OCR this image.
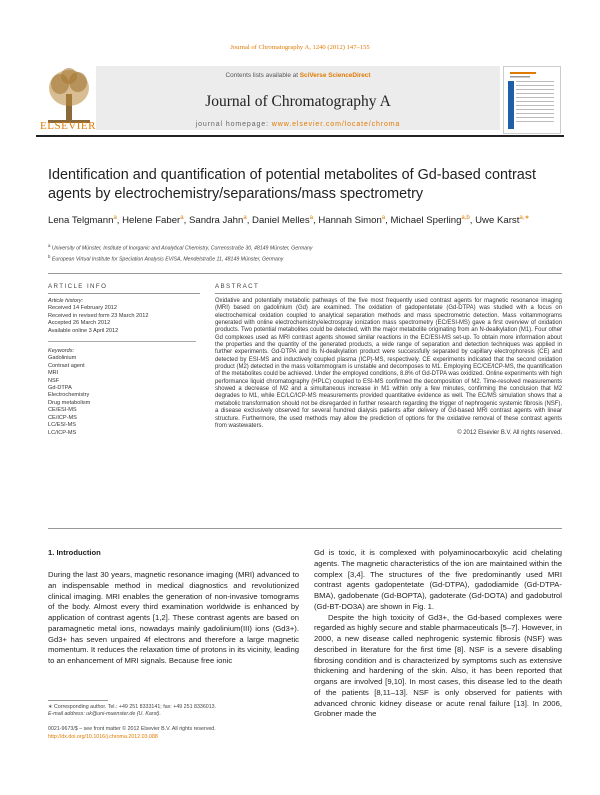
Journal of Chromatography A, 1240 (2012) 147–155
Contents lists available at SciVerse ScienceDirect
Journal of Chromatography A
journal homepage: www.elsevier.com/locate/chroma
ELSEVIER
Identification and quantification of potential metabolites of Gd-based contrast agents by electrochemistry/separations/mass spectrometry
Lena Telgmann$^a$, Helene Faber$^a$, Sandra Jahn$^a$, Daniel Melles$^a$, Hannah Simon$^a$, Michael Sperling$^{a,b}$, Uwe Karst$^{a,∗}$
$^a$ University of Münster, Institute of Inorganic and Analytical Chemistry, Corrensstraße 30, 48149 Münster, Germany
$^b$ European Virtual Institute for Speciation Analysis EVISA, Mendelstraße 11, 48149 Münster, Germany
ARTICLE INFO	ABSTRACT
Article history:
Received 14 February 2012
Received in revised form 23 March 2012
Accepted 26 March 2012
Available online 3 April 2012
Keywords:
Gadolinium
Contrast agent
MRI
NSF
Gd-DTPA
Electrochemistry
Drug metabolism
CE/ESI-MS
CE/ICP-MS
LC/ESI-MS
LC/ICP-MS
Oxidative and potentially metabolic pathways of the five most frequently used contrast agents for magnetic resonance imaging (MRI) based on gadolinium (Gd) are examined. The oxidation of gadopentetate (Gd-DTPA) was studied with a focus on electrochemical oxidation coupled to analytical separation methods and mass spectrometric detection. Mass voltammograms generated with online electrochemistry/electrospray ionization mass spectrometry (EC/ESI-MS) gave a first overview of oxidation products. Two potential metabolites could be detected, with the major metabolite originating from an N-dealkylation (M1). Four other Gd complexes used as MRI contrast agents showed similar reactions in the EC/ESI-MS set-up. To obtain more information about the properties and the quantity of the generated products, a wide range of separation and detection techniques was applied in further experiments. Gd-DTPA and its N-dealkylation product were successfully separated by capillary electrophoresis (CE) and detected by ESI-MS and inductively coupled plasma (ICP)-MS, respectively. CE experiments indicated that the second oxidation product (M2) detected in the mass voltammogram is unstable and decomposes to M1. Employing EC/CE/ICP-MS, the quantification of the metabolites could be achieved. Under the employed conditions, 8.8% of Gd-DTPA was oxidized. Online experiments with high performance liquid chromatography (HPLC) coupled to ESI-MS confirmed the decomposition of M2. Time-resolved measurements showed a decrease of M2 and a simultaneous increase in M1 within only a few minutes, confirming the conclusion that M2 degrades to M1, while EC/LC/ICP-MS measurements provided quantitative evidence as well. The EC/MS simulation shows that a metabolic transformation should not be disregarded in further research regarding the trigger of nephrogenic systemic fibrosis (NSF), a disease exclusively observed for several hundred dialysis patients after delivery of Gd-based MRI contrast agents with linear structure. Furthermore, the used methods may allow the prediction of options for the oxidative removal of these contrast agents from wastewaters.
© 2012 Elsevier B.V. All rights reserved.
1. Introduction
During the last 30 years, magnetic resonance imaging (MRI) advanced to an indispensable method in medical diagnostics and revolutionized clinical imaging. MRI enables the generation of non-invasive tomograms of the body. Almost every third examination worldwide is enhanced by application of contrast agents [1,2]. These contrast agents are based on paramagnetic metal ions, nowadays mainly gadolinium(III) ions (Gd3+). Gd3+ has seven unpaired 4f electrons and therefore a large magnetic momentum. It reduces the relaxation time of protons in its vicinity, leading to an enhancement of MRI signals. Because free ionic
Gd is toxic, it is complexed with polyaminocarboxylic acid chelating agents. The magnetic characteristics of the ion are maintained within the complex [3,4]. The structures of the five predominantly used MRI contrast agents gadopentetate (Gd-DTPA), gadodiamide (Gd-DTPA-BMA), gadobenate (Gd-BOPTA), gadoterate (Gd-DOTA) and gadobutrol (Gd-BT-DO3A) are shown in Fig. 1.
Despite the high toxicity of Gd3+, the Gd-based complexes were regarded as highly secure and stable pharmaceuticals [5–7]. However, in 2000, a new disease called nephrogenic systemic fibrosis (NSF) was described in literature for the first time [8]. NSF is a severe disabling fibrosing condition and is characterized by symptoms such as extensive thickening and hardening of the skin. Also, it has been reported that organs are involved [9,10]. In most cases, this disease led to the death of the patients [8,11–13]. NSF is only observed for patients with advanced chronic kidney disease or acute renal failure [13]. In 2006, Grobner made the
∗ Corresponding author. Tel.: +49 251 8333141; fax: +49 251 8336013.
E-mail address: uk@uni-muenster.de (U. Karst).
0021-9673/$ – see front matter © 2012 Elsevier B.V. All rights reserved.
http://dx.doi.org/10.1016/j.chroma.2012.03.088
